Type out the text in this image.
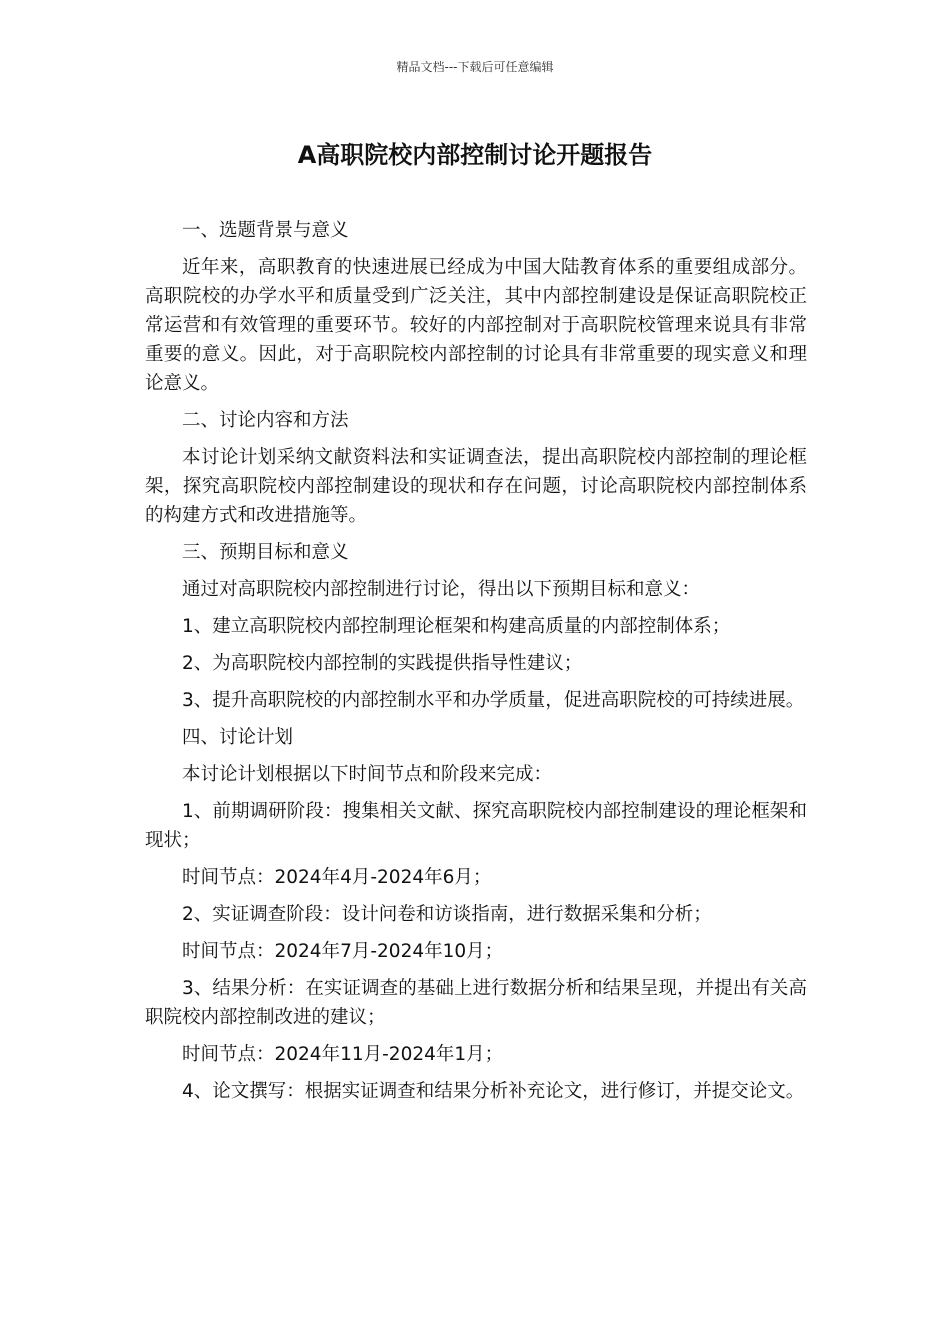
精品文档---下载后可任意编辑
A高职院校内部控制讨论开题报告

一、选题背景与意义

近年来，高职教育的快速进展已经成为中国大陆教育体系的重要组成部分。高职院校的办学水平和质量受到广泛关注，其中内部控制建设是保证高职院校正常运营和有效管理的重要环节。较好的内部控制对于高职院校管理来说具有非常重要的意义。因此，对于高职院校内部控制的讨论具有非常重要的现实意义和理论意义。

二、讨论内容和方法

本讨论计划采纳文献资料法和实证调查法，提出高职院校内部控制的理论框架，探究高职院校内部控制建设的现状和存在问题，讨论高职院校内部控制体系的构建方式和改进措施等。

三、预期目标和意义

通过对高职院校内部控制进行讨论，得出以下预期目标和意义：

1、建立高职院校内部控制理论框架和构建高质量的内部控制体系；

2、为高职院校内部控制的实践提供指导性建议；

3、提升高职院校的内部控制水平和办学质量，促进高职院校的可持续进展。

四、讨论计划

本讨论计划根据以下时间节点和阶段来完成：

1、前期调研阶段：搜集相关文献、探究高职院校内部控制建设的理论框架和现状；

时间节点：2024年4月-2024年6月；

2、实证调查阶段：设计问卷和访谈指南，进行数据采集和分析；

时间节点：2024年7月-2024年10月；

3、结果分析：在实证调查的基础上进行数据分析和结果呈现，并提出有关高职院校内部控制改进的建议；

时间节点：2024年11月-2024年1月；

4、论文撰写：根据实证调查和结果分析补充论文，进行修订，并提交论文。
